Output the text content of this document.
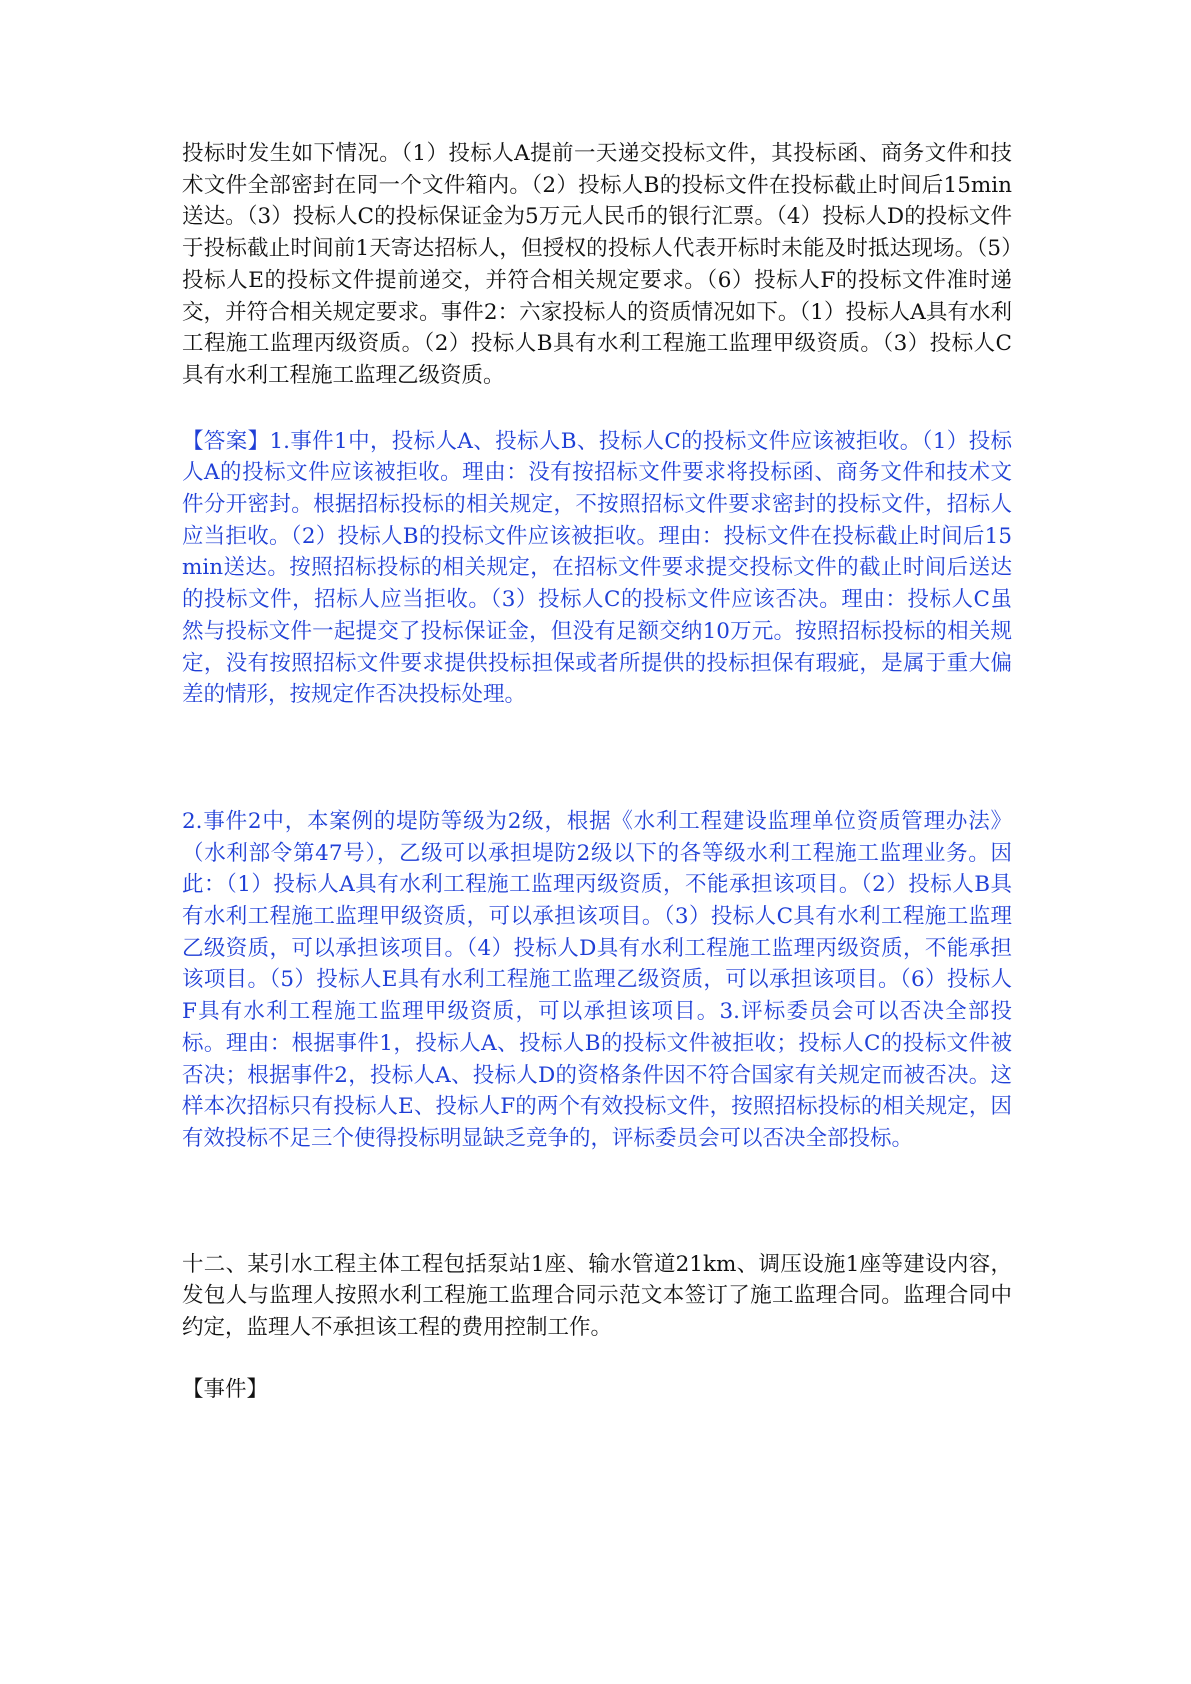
投标时发生如下情况。（1）投标人A提前一天递交投标文件，其投标函、商务文件和技术文件全部密封在同一个文件箱内。（2）投标人B的投标文件在投标截止时间后15min送达。（3）投标人C的投标保证金为5万元人民币的银行汇票。（4）投标人D的投标文件于投标截止时间前1天寄达招标人，但授权的投标人代表开标时未能及时抵达现场。（5）投标人E的投标文件提前递交，并符合相关规定要求。（6）投标人F的投标文件准时递交，并符合相关规定要求。事件2：六家投标人的资质情况如下。（1）投标人A具有水利工程施工监理丙级资质。（2）投标人B具有水利工程施工监理甲级资质。（3）投标人C具有水利工程施工监理乙级资质。

【答案】1.事件1中，投标人A、投标人B、投标人C的投标文件应该被拒收。（1）投标人A的投标文件应该被拒收。理由：没有按招标文件要求将投标函、商务文件和技术文件分开密封。根据招标投标的相关规定，不按照招标文件要求密封的投标文件，招标人应当拒收。（2）投标人B的投标文件应该被拒收。理由：投标文件在投标截止时间后15min送达。按照招标投标的相关规定，在招标文件要求提交投标文件的截止时间后送达的投标文件，招标人应当拒收。（3）投标人C的投标文件应该否决。理由：投标人C虽然与投标文件一起提交了投标保证金，但没有足额交纳10万元。按照招标投标的相关规定，没有按照招标文件要求提供投标担保或者所提供的投标担保有瑕疵，是属于重大偏差的情形，按规定作否决投标处理。

2.事件2中，本案例的堤防等级为2级，根据《水利工程建设监理单位资质管理办法》（水利部令第47号），乙级可以承担堤防2级以下的各等级水利工程施工监理业务。因此：（1）投标人A具有水利工程施工监理丙级资质，不能承担该项目。（2）投标人B具有水利工程施工监理甲级资质，可以承担该项目。（3）投标人C具有水利工程施工监理乙级资质，可以承担该项目。（4）投标人D具有水利工程施工监理丙级资质，不能承担该项目。（5）投标人E具有水利工程施工监理乙级资质，可以承担该项目。（6）投标人F具有水利工程施工监理甲级资质，可以承担该项目。3.评标委员会可以否决全部投标。理由：根据事件1，投标人A、投标人B的投标文件被拒收；投标人C的投标文件被否决；根据事件2，投标人A、投标人D的资格条件因不符合国家有关规定而被否决。这样本次招标只有投标人E、投标人F的两个有效投标文件，按照招标投标的相关规定，因有效投标不足三个使得投标明显缺乏竞争的，评标委员会可以否决全部投标。

十二、某引水工程主体工程包括泵站1座、输水管道21km、调压设施1座等建设内容，发包人与监理人按照水利工程施工监理合同示范文本签订了施工监理合同。监理合同中约定，监理人不承担该工程的费用控制工作。

【事件】
